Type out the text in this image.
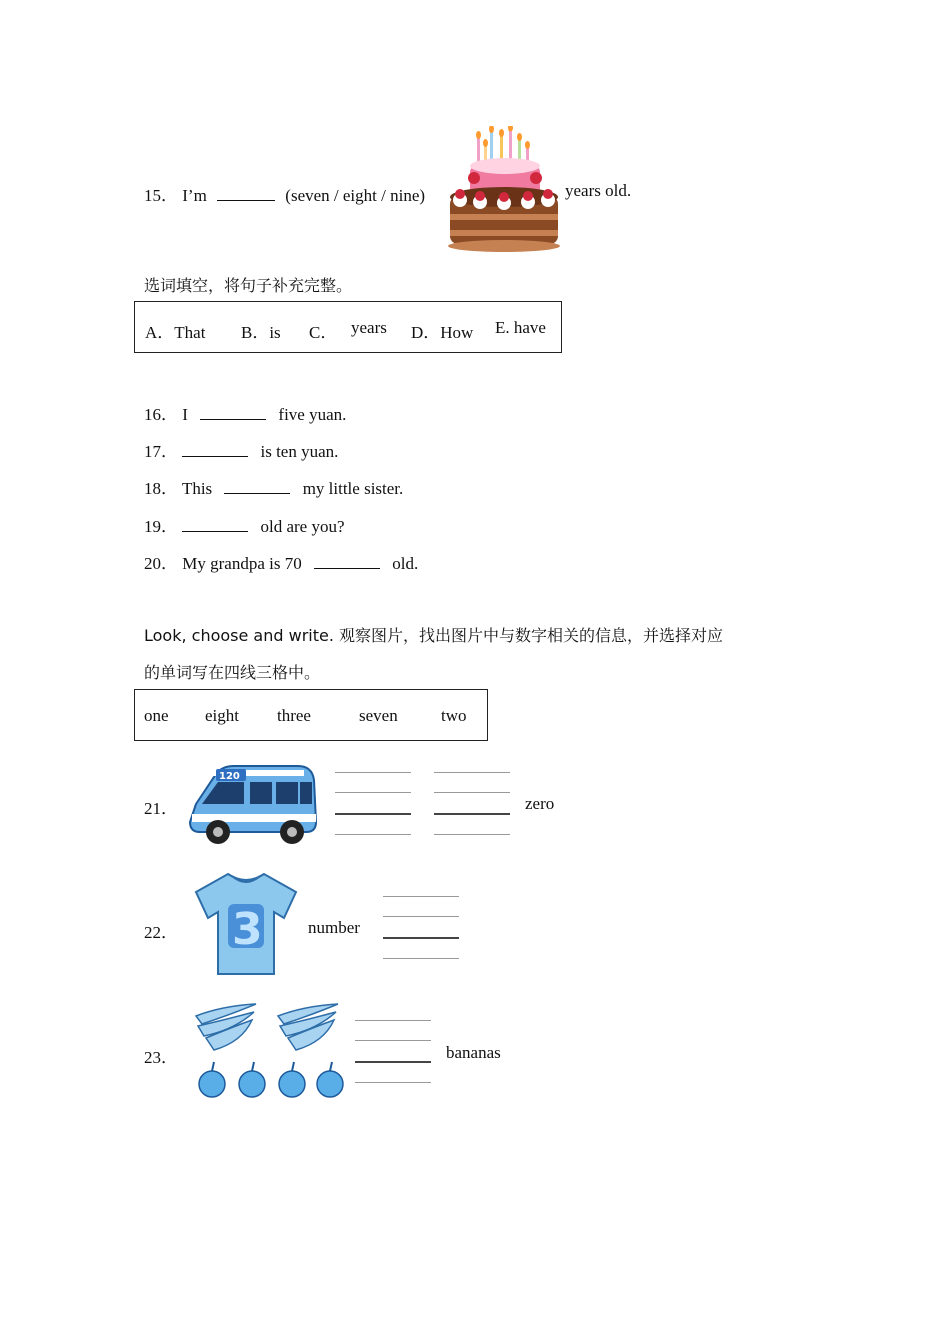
15． I’m	(seven / eight / nine)	years old.
选词填空，将句子补充完整。
A．That B．is C． years D．How E. have
16． I	five yuan.
17．	is ten yuan.
18． This	my little sister.
19．	old are you?
20． My grandpa is 70	old.
Look, choose and write. 观察图片，找出图片中与数字相关的信息，并选择对应
的单词写在四线三格中。
one eight three	seven	two
21．
120
zero
22． 3	number
23．	bananas
